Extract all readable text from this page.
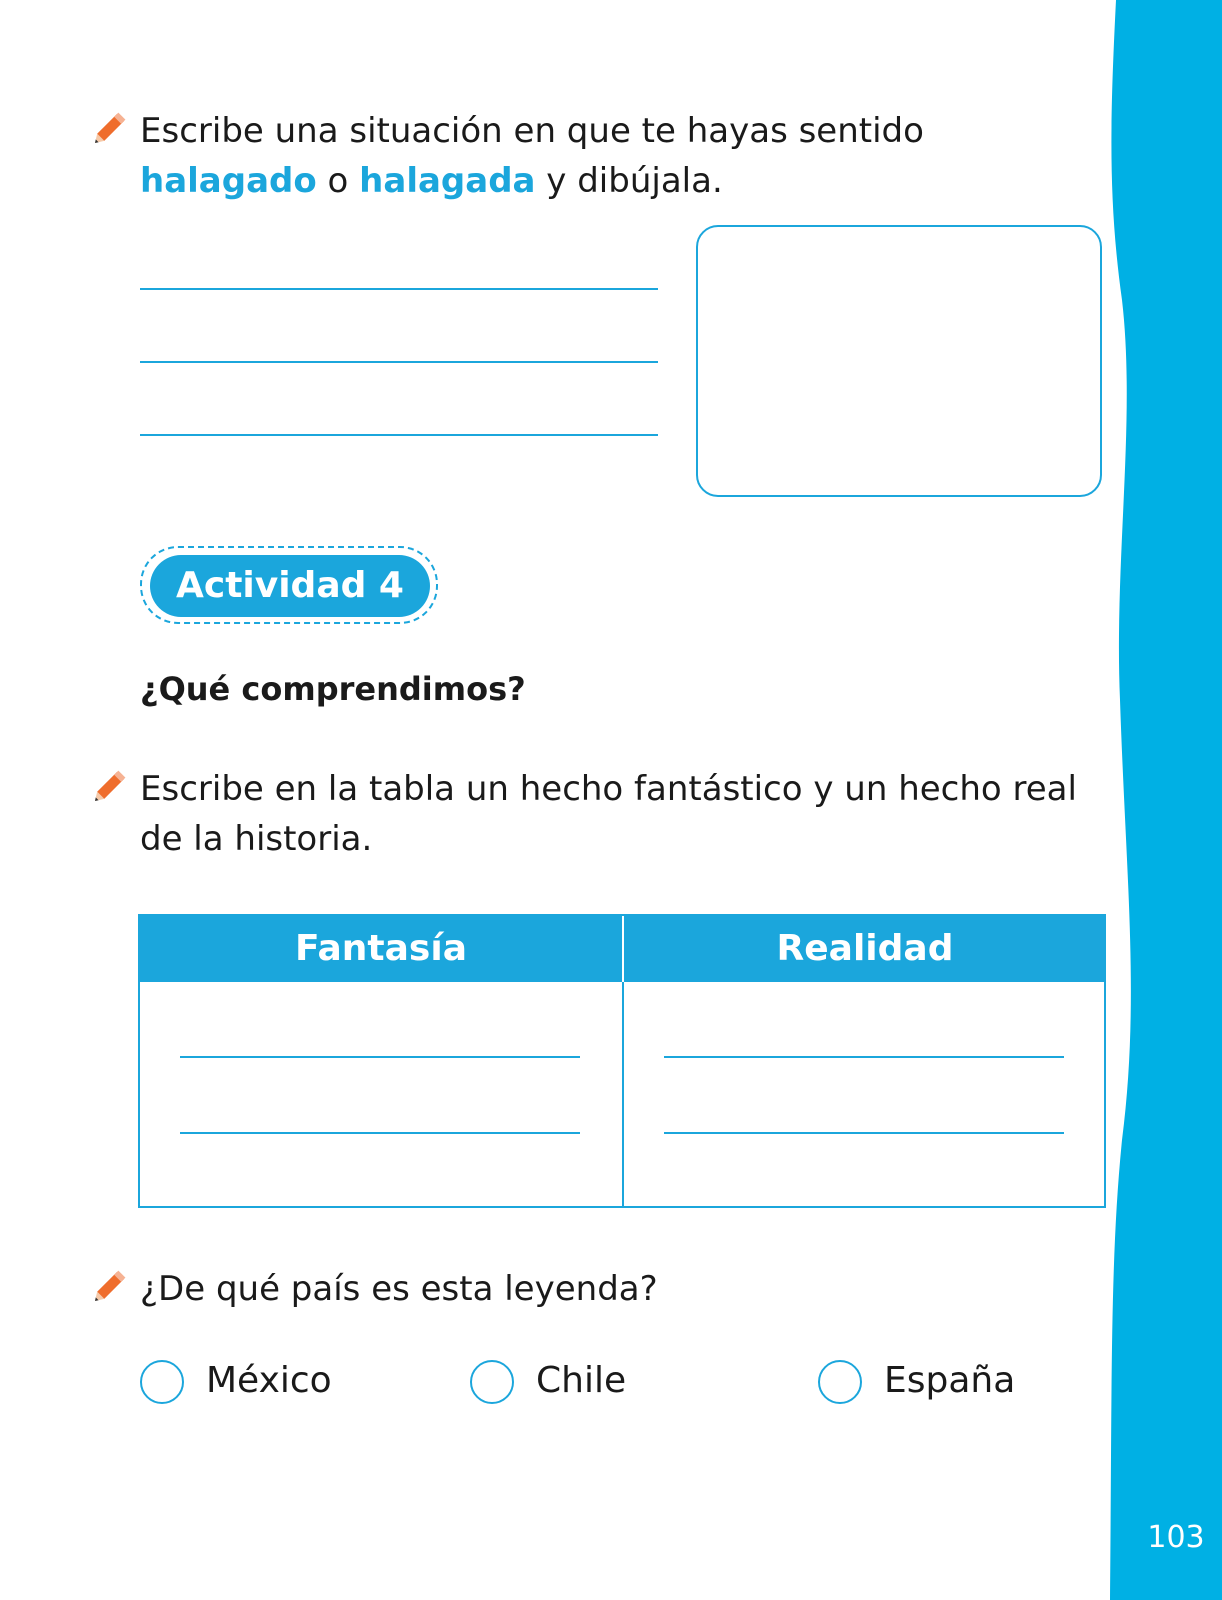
103

Escribe una situación en que te hayas sentido
halagado o halagada y dibújala.

Actividad 4
¿Qué comprendimos?

Escribe en la tabla un hecho fantástico y un hecho real de la historia.

Fantasía	Realidad

¿De qué país es esta leyenda?

México	Chile	España
